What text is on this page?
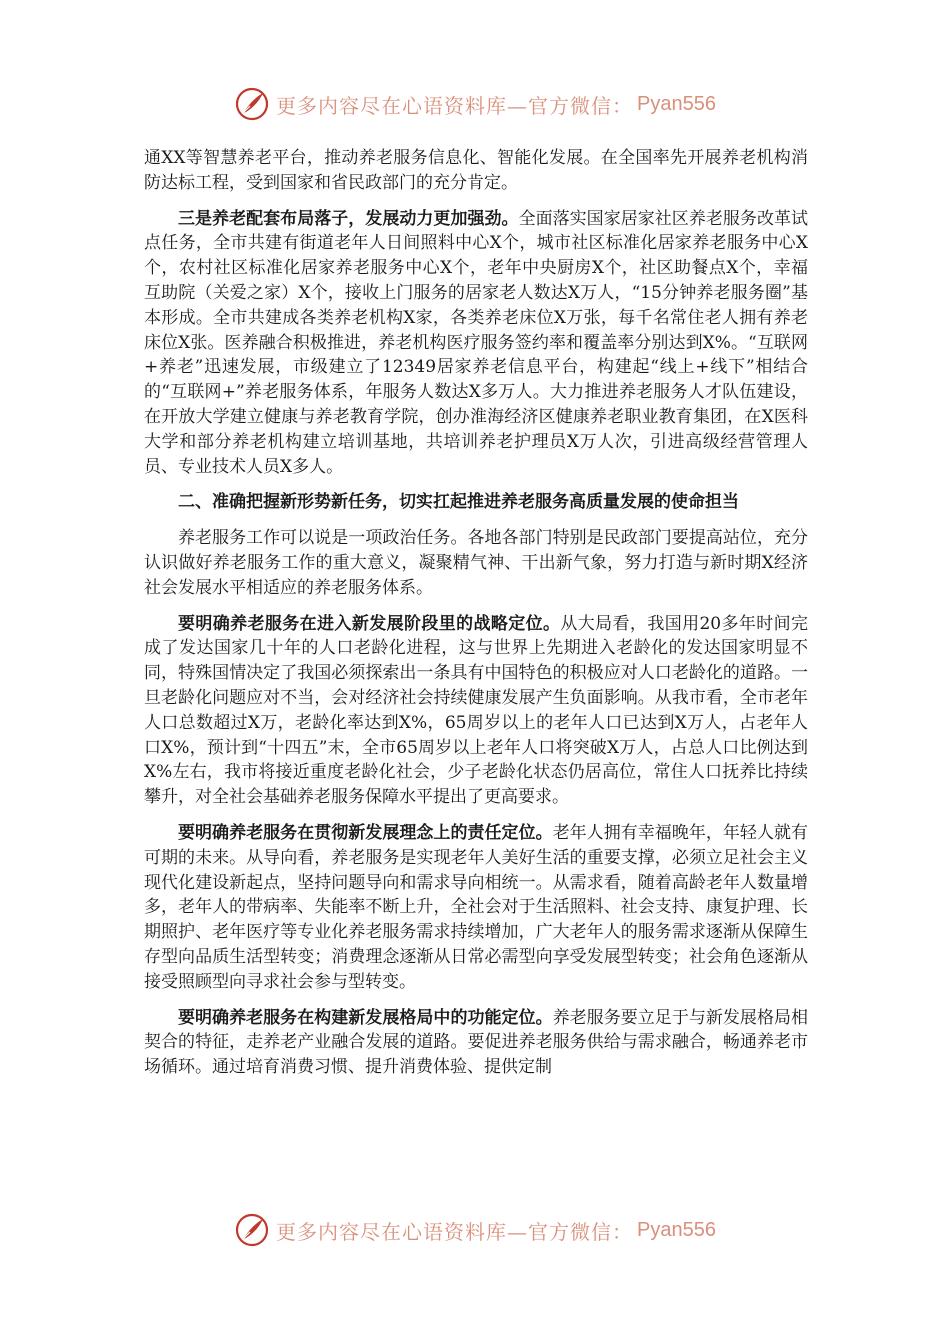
更多内容尽在心语资料库—官方微信： Pyan556

通XX等智慧养老平台，推动养老服务信息化、智能化发展。在全国率先开展养老机构消防达标工程，受到国家和省民政部门的充分肯定。

三是养老配套布局落子，发展动力更加强劲。全面落实国家居家社区养老服务改革试点任务，全市共建有街道老年人日间照料中心X个，城市社区标准化居家养老服务中心X个，农村社区标准化居家养老服务中心X个，老年中央厨房X个，社区助餐点X个，幸福互助院（关爱之家）X个，接收上门服务的居家老人数达X万人，“15分钟养老服务圈”基本形成。全市共建成各类养老机构X家，各类养老床位X万张，每千名常住老人拥有养老床位X张。医养融合积极推进，养老机构医疗服务签约率和覆盖率分别达到X%。“互联网+养老”迅速发展，市级建立了12349居家养老信息平台，构建起“线上+线下”相结合的“互联网+”养老服务体系，年服务人数达X多万人。大力推进养老服务人才队伍建设，在开放大学建立健康与养老教育学院，创办淮海经济区健康养老职业教育集团，在X医科大学和部分养老机构建立培训基地，共培训养老护理员X万人次，引进高级经营管理人员、专业技术人员X多人。

二、准确把握新形势新任务，切实扛起推进养老服务高质量发展的使命担当

养老服务工作可以说是一项政治任务。各地各部门特别是民政部门要提高站位，充分认识做好养老服务工作的重大意义，凝聚精气神、干出新气象，努力打造与新时期X经济社会发展水平相适应的养老服务体系。

要明确养老服务在进入新发展阶段里的战略定位。从大局看，我国用20多年时间完成了发达国家几十年的人口老龄化进程，这与世界上先期进入老龄化的发达国家明显不同，特殊国情决定了我国必须探索出一条具有中国特色的积极应对人口老龄化的道路。一旦老龄化问题应对不当，会对经济社会持续健康发展产生负面影响。从我市看，全市老年人口总数超过X万，老龄化率达到X%，65周岁以上的老年人口已达到X万人，占老年人口X%，预计到“十四五”末，全市65周岁以上老年人口将突破X万人，占总人口比例达到X%左右，我市将接近重度老龄化社会，少子老龄化状态仍居高位，常住人口抚养比持续攀升，对全社会基础养老服务保障水平提出了更高要求。

要明确养老服务在贯彻新发展理念上的责任定位。老年人拥有幸福晚年，年轻人就有可期的未来。从导向看，养老服务是实现老年人美好生活的重要支撑，必须立足社会主义现代化建设新起点，坚持问题导向和需求导向相统一。从需求看，随着高龄老年人数量增多，老年人的带病率、失能率不断上升，全社会对于生活照料、社会支持、康复护理、长期照护、老年医疗等专业化养老服务需求持续增加，广大老年人的服务需求逐渐从保障生存型向品质生活型转变；消费理念逐渐从日常必需型向享受发展型转变；社会角色逐渐从接受照顾型向寻求社会参与型转变。

要明确养老服务在构建新发展格局中的功能定位。养老服务要立足于与新发展格局相契合的特征，走养老产业融合发展的道路。要促进养老服务供给与需求融合，畅通养老市场循环。通过培育消费习惯、提升消费体验、提供定制

更多内容尽在心语资料库—官方微信： Pyan556
